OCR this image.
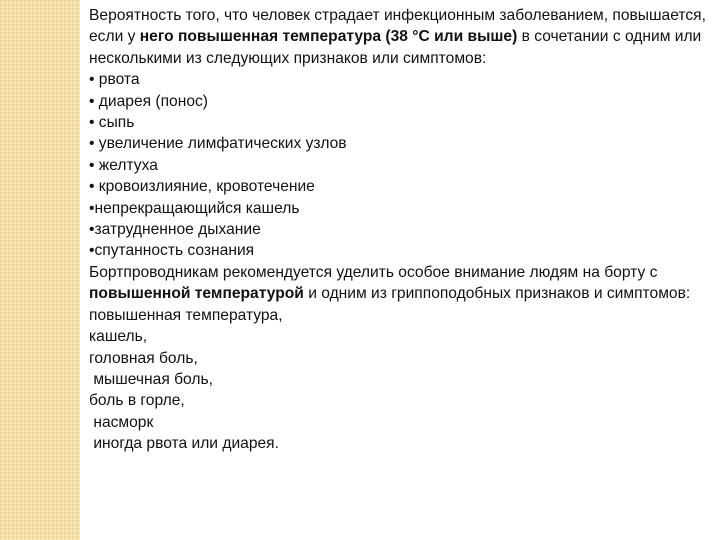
Вероятность того, что человек страдает инфекционным заболеванием, повышается, если у него повышенная температура (38 °C или выше) в сочетании с одним или несколькими из следующих признаков или симптомов:

• рвота

• диарея (понос)

• сыпь

• увеличение лимфатических узлов

• желтуха

• кровоизлияние, кровотечение

•непрекращающийся кашель

•затрудненное дыхание

•спутанность сознания

Бортпроводникам рекомендуется уделить особое внимание людям на борту с повышенной температурой и одним из гриппоподобных признаков и симптомов:

повышенная температура,

кашель,

головная боль,

мышечная боль,

боль в горле,

насморк

иногда рвота или диарея.
